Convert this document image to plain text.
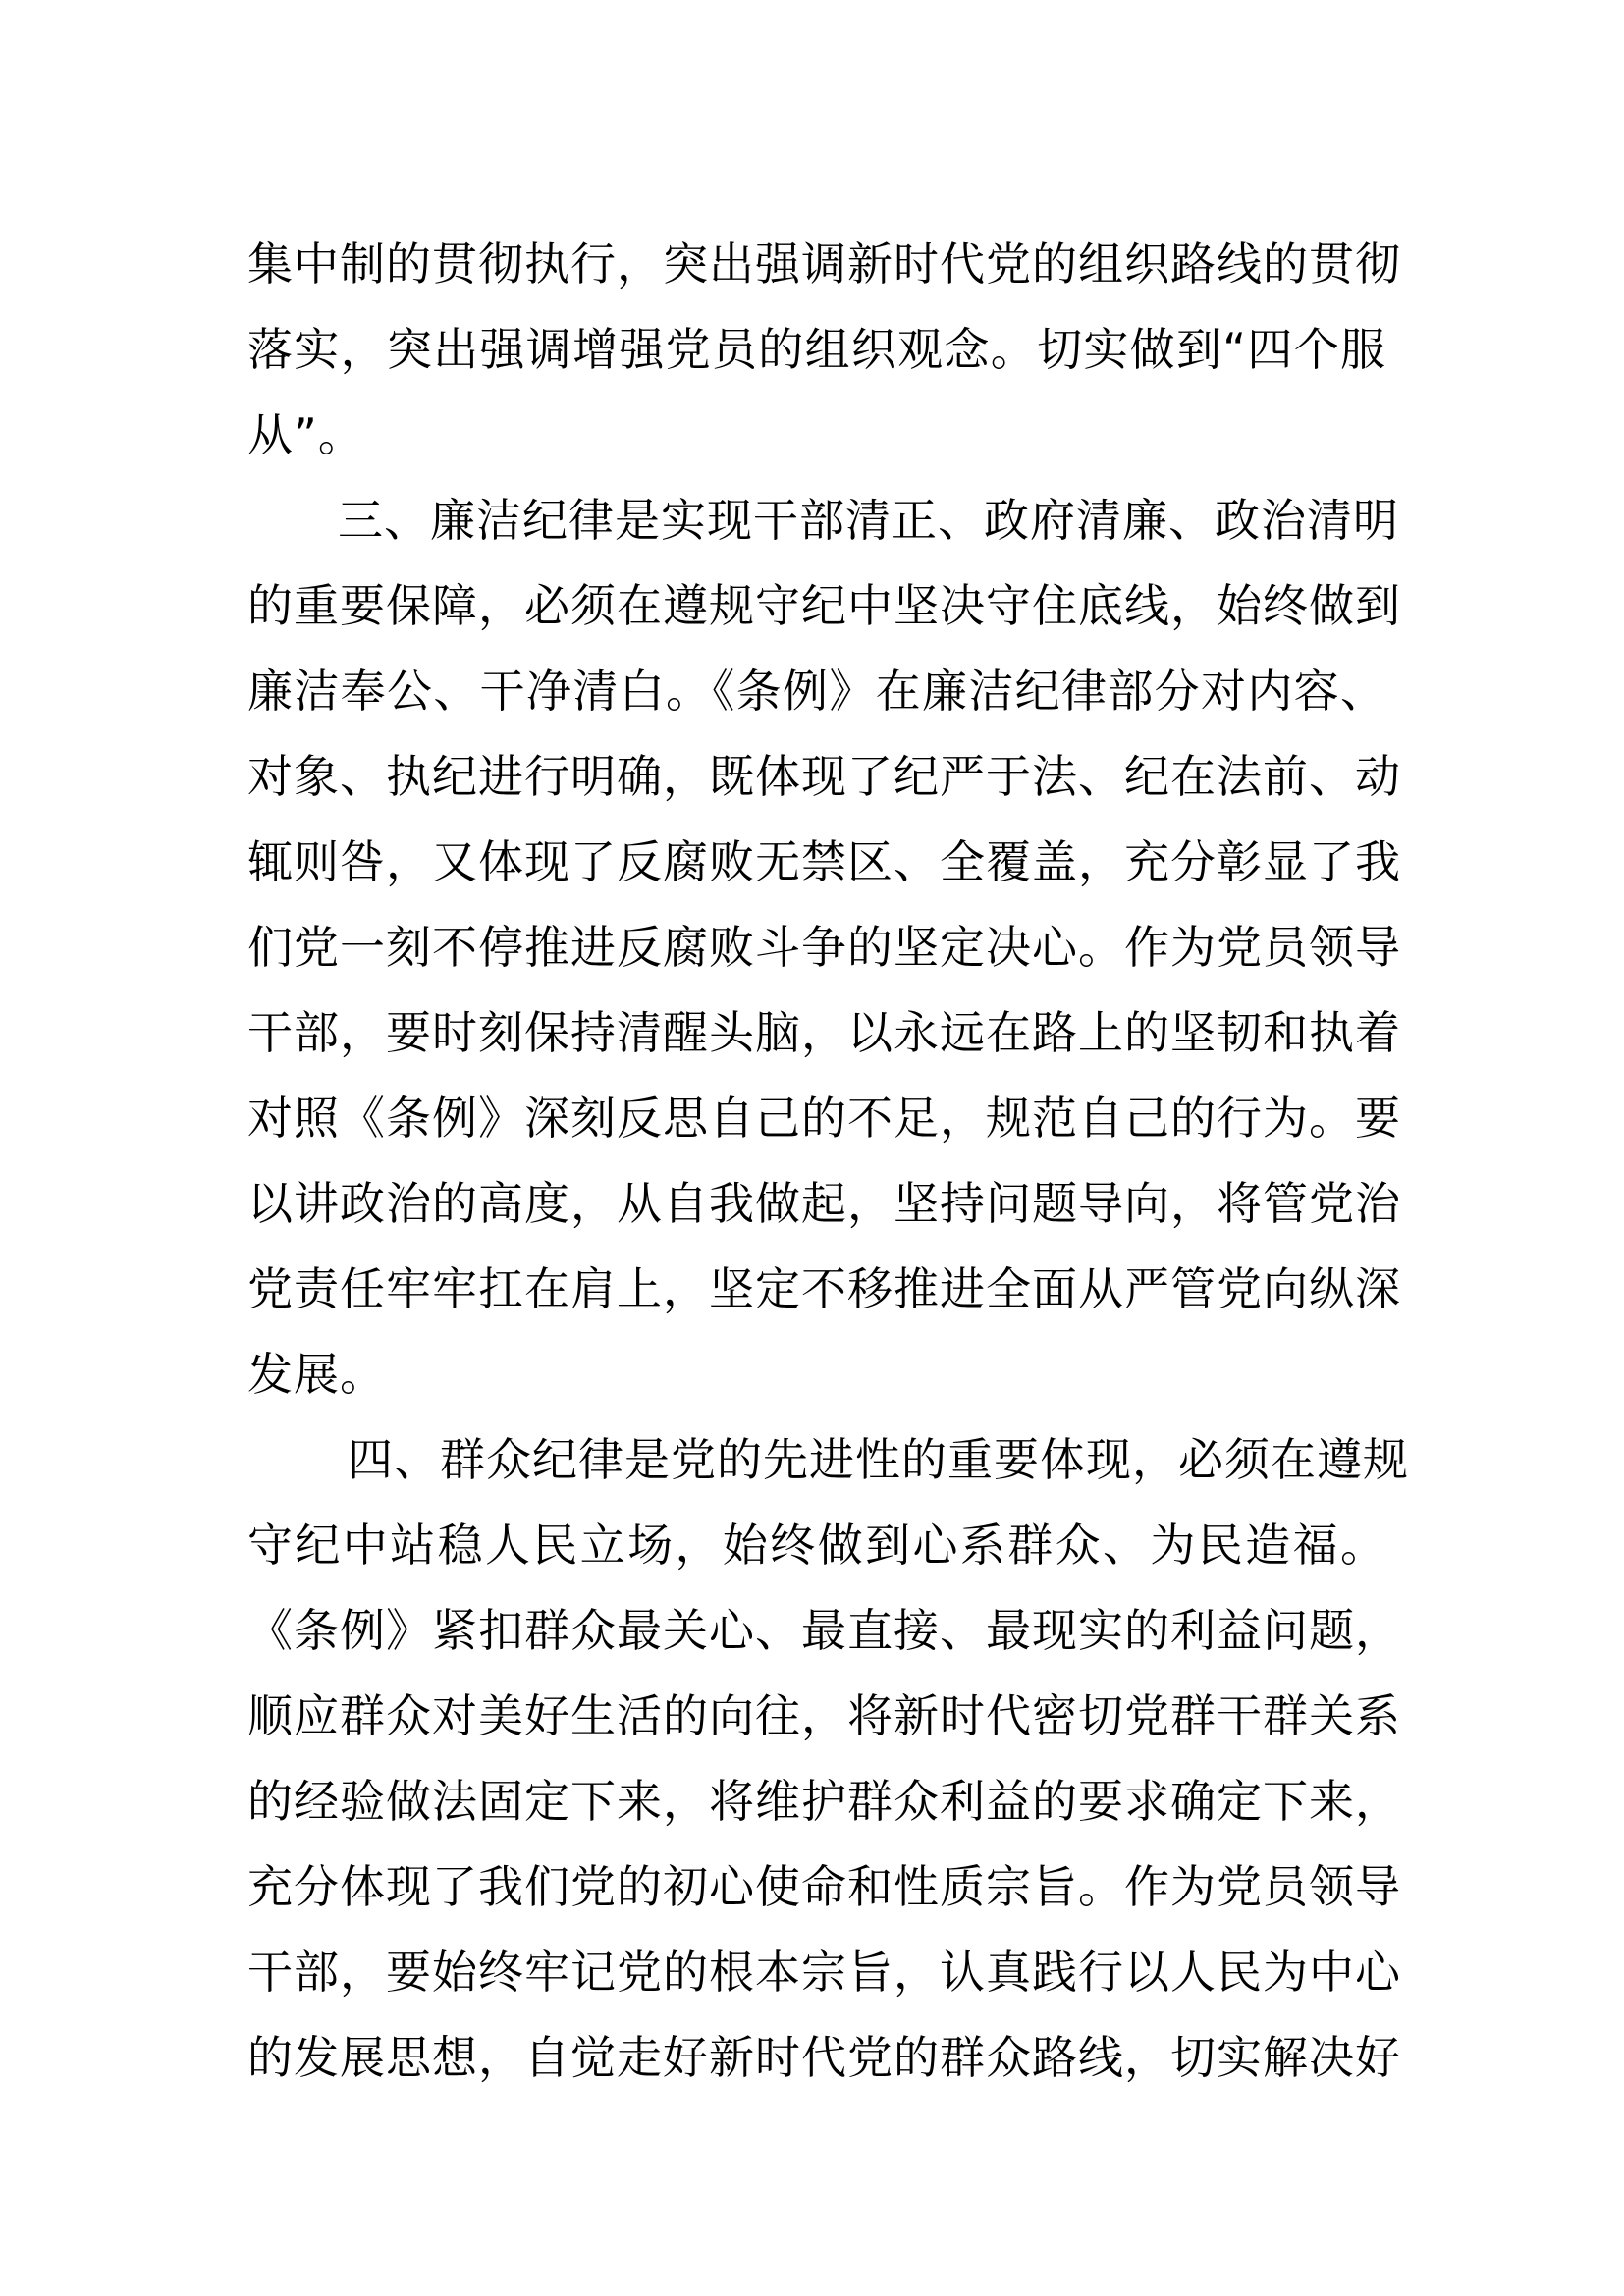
集中制的贯彻执行，突出强调新时代党的组织路线的贯彻
落实，突出强调增强党员的组织观念。切实做到“四个服
从”。
三、廉洁纪律是实现干部清正、政府清廉、政治清明
的重要保障，必须在遵规守纪中坚决守住底线，始终做到
廉洁奉公、干净清白。《条例》在廉洁纪律部分对内容、
对象、执纪进行明确，既体现了纪严于法、纪在法前、动
辄则咎，又体现了反腐败无禁区、全覆盖，充分彰显了我
们党一刻不停推进反腐败斗争的坚定决心。作为党员领导
干部，要时刻保持清醒头脑，以永远在路上的坚韧和执着
对照《条例》深刻反思自己的不足，规范自己的行为。要
以讲政治的高度，从自我做起，坚持问题导向，将管党治
党责任牢牢扛在肩上，坚定不移推进全面从严管党向纵深
发展。
四、群众纪律是党的先进性的重要体现，必须在遵规
守纪中站稳人民立场，始终做到心系群众、为民造福。
《条例》紧扣群众最关心、最直接、最现实的利益问题，
顺应群众对美好生活的向往，将新时代密切党群干群关系
的经验做法固定下来，将维护群众利益的要求确定下来，
充分体现了我们党的初心使命和性质宗旨。作为党员领导
干部，要始终牢记党的根本宗旨，认真践行以人民为中心
的发展思想，自觉走好新时代党的群众路线，切实解决好
